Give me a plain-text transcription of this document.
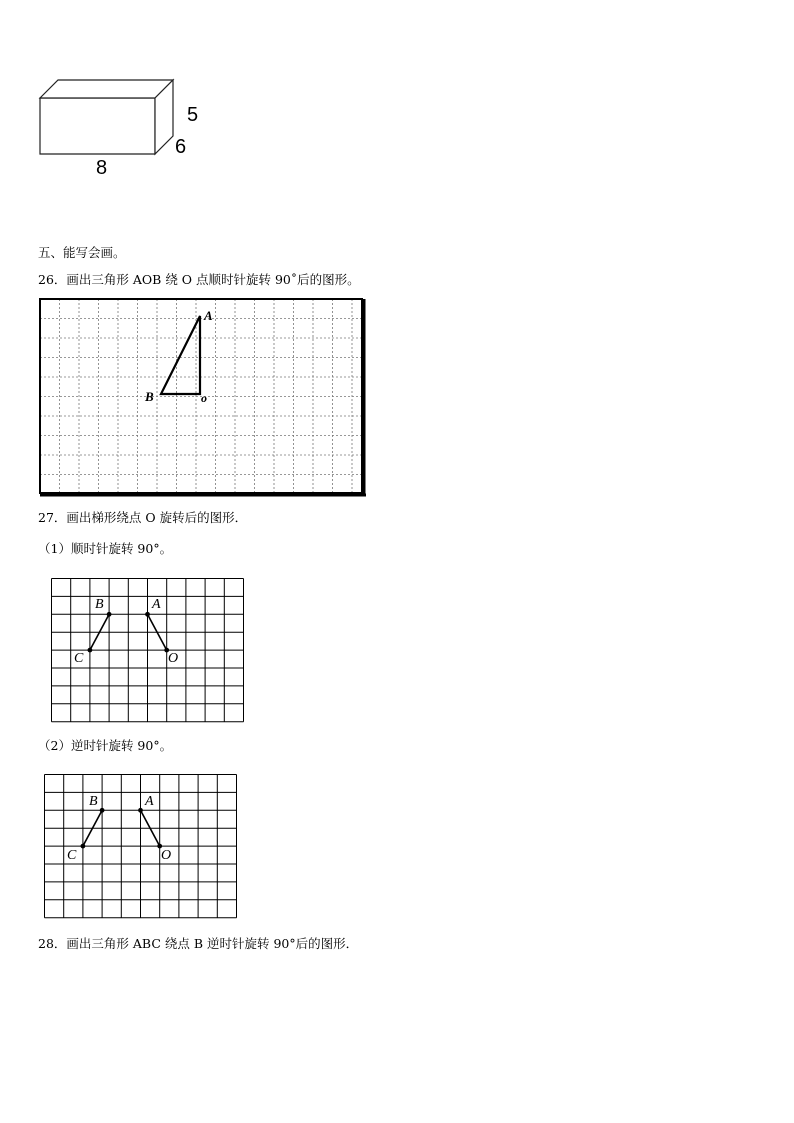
5
6
8
五、能写会画。
26．画出三角形 AOB 绕 O 点顺时针旋转 90˚后的图形。
A
B	o
27．画出梯形绕点 O 旋转后的图形．
（1）顺时针旋转 90°。
B	A
C	O
（2）逆时针旋转 90°。
B	A
C	O
28．画出三角形 ABC 绕点 B 逆时针旋转 90°后的图形．
